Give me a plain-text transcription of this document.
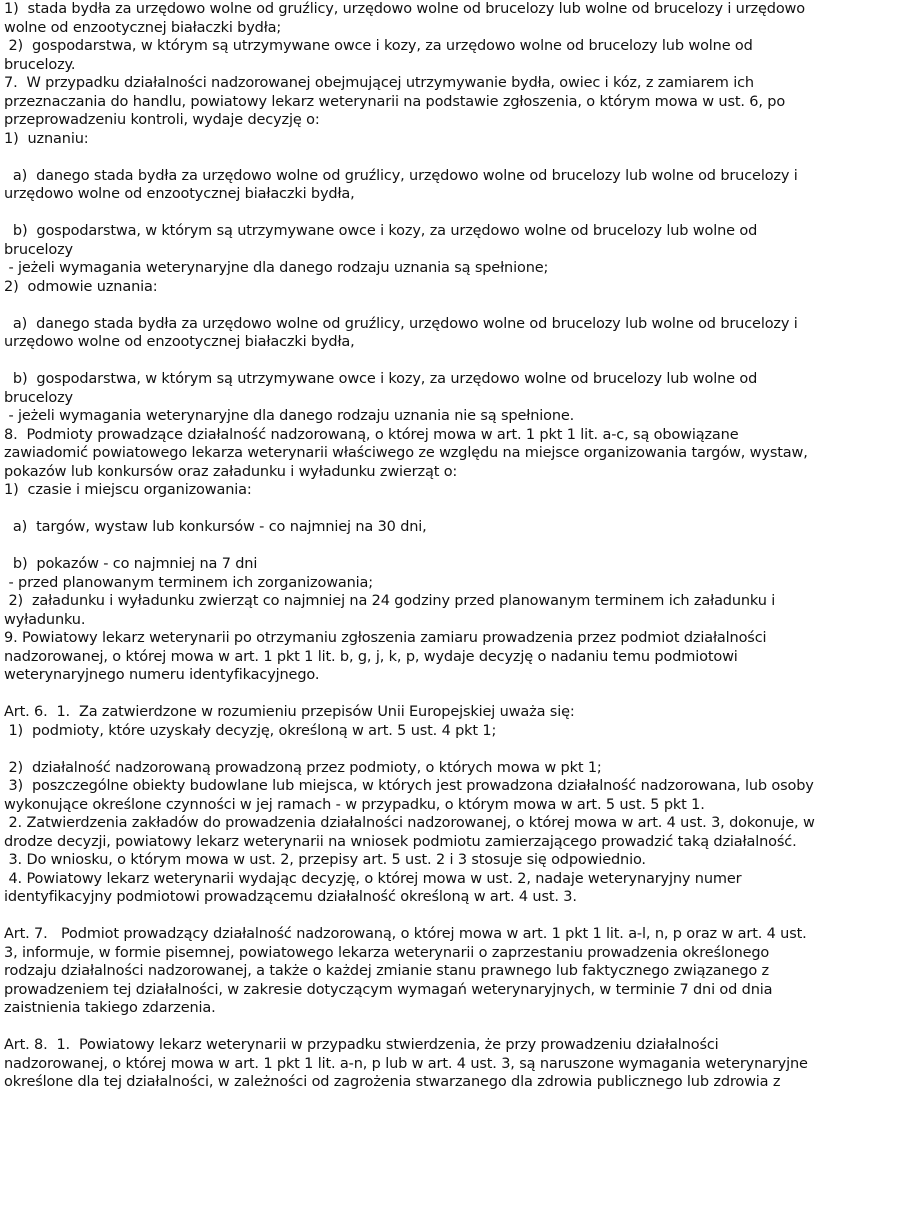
1)  stada bydła za urzędowo wolne od gruźlicy, urzędowo wolne od brucelozy lub wolne od brucelozy i urzędowo
wolne od enzootycznej białaczki bydła;
2)  gospodarstwa, w którym są utrzymywane owce i kozy, za urzędowo wolne od brucelozy lub wolne od
brucelozy.
7.  W przypadku działalności nadzorowanej obejmującej utrzymywanie bydła, owiec i kóz, z zamiarem ich
przeznaczania do handlu, powiatowy lekarz weterynarii na podstawie zgłoszenia, o którym mowa w ust. 6, po
przeprowadzeniu kontroli, wydaje decyzję o:
1)  uznaniu:
a)  danego stada bydła za urzędowo wolne od gruźlicy, urzędowo wolne od brucelozy lub wolne od brucelozy i
urzędowo wolne od enzootycznej białaczki bydła,
b)  gospodarstwa, w którym są utrzymywane owce i kozy, za urzędowo wolne od brucelozy lub wolne od
brucelozy
- jeżeli wymagania weterynaryjne dla danego rodzaju uznania są spełnione;
2)  odmowie uznania:
a)  danego stada bydła za urzędowo wolne od gruźlicy, urzędowo wolne od brucelozy lub wolne od brucelozy i
urzędowo wolne od enzootycznej białaczki bydła,
b)  gospodarstwa, w którym są utrzymywane owce i kozy, za urzędowo wolne od brucelozy lub wolne od
brucelozy
- jeżeli wymagania weterynaryjne dla danego rodzaju uznania nie są spełnione.
8.  Podmioty prowadzące działalność nadzorowaną, o której mowa w art. 1 pkt 1 lit. a-c, są obowiązane
zawiadomić powiatowego lekarza weterynarii właściwego ze względu na miejsce organizowania targów, wystaw,
pokazów lub konkursów oraz załadunku i wyładunku zwierząt o:
1)  czasie i miejscu organizowania:
a)  targów, wystaw lub konkursów - co najmniej na 30 dni,
b)  pokazów - co najmniej na 7 dni
- przed planowanym terminem ich zorganizowania;
2)  załadunku i wyładunku zwierząt co najmniej na 24 godziny przed planowanym terminem ich załadunku i
wyładunku.
9. Powiatowy lekarz weterynarii po otrzymaniu zgłoszenia zamiaru prowadzenia przez podmiot działalności
nadzorowanej, o której mowa w art. 1 pkt 1 lit. b, g, j, k, p, wydaje decyzję o nadaniu temu podmiotowi
weterynaryjnego numeru identyfikacyjnego.
Art. 6.  1.  Za zatwierdzone w rozumieniu przepisów Unii Europejskiej uważa się:
1)  podmioty, które uzyskały decyzję, określoną w art. 5 ust. 4 pkt 1;
2)  działalność nadzorowaną prowadzoną przez podmioty, o których mowa w pkt 1;
3)  poszczególne obiekty budowlane lub miejsca, w których jest prowadzona działalność nadzorowana, lub osoby
wykonujące określone czynności w jej ramach - w przypadku, o którym mowa w art. 5 ust. 5 pkt 1.
2. Zatwierdzenia zakładów do prowadzenia działalności nadzorowanej, o której mowa w art. 4 ust. 3, dokonuje, w
drodze decyzji, powiatowy lekarz weterynarii na wniosek podmiotu zamierzającego prowadzić taką działalność.
3. Do wniosku, o którym mowa w ust. 2, przepisy art. 5 ust. 2 i 3 stosuje się odpowiednio.
4. Powiatowy lekarz weterynarii wydając decyzję, o której mowa w ust. 2, nadaje weterynaryjny numer
identyfikacyjny podmiotowi prowadzącemu działalność określoną w art. 4 ust. 3.
Art. 7.   Podmiot prowadzący działalność nadzorowaną, o której mowa w art. 1 pkt 1 lit. a-l, n, p oraz w art. 4 ust.
3, informuje, w formie pisemnej, powiatowego lekarza weterynarii o zaprzestaniu prowadzenia określonego
rodzaju działalności nadzorowanej, a także o każdej zmianie stanu prawnego lub faktycznego związanego z
prowadzeniem tej działalności, w zakresie dotyczącym wymagań weterynaryjnych, w terminie 7 dni od dnia
zaistnienia takiego zdarzenia.
Art. 8.  1.  Powiatowy lekarz weterynarii w przypadku stwierdzenia, że przy prowadzeniu działalności
nadzorowanej, o której mowa w art. 1 pkt 1 lit. a-n, p lub w art. 4 ust. 3, są naruszone wymagania weterynaryjne
określone dla tej działalności, w zależności od zagrożenia stwarzanego dla zdrowia publicznego lub zdrowia z
